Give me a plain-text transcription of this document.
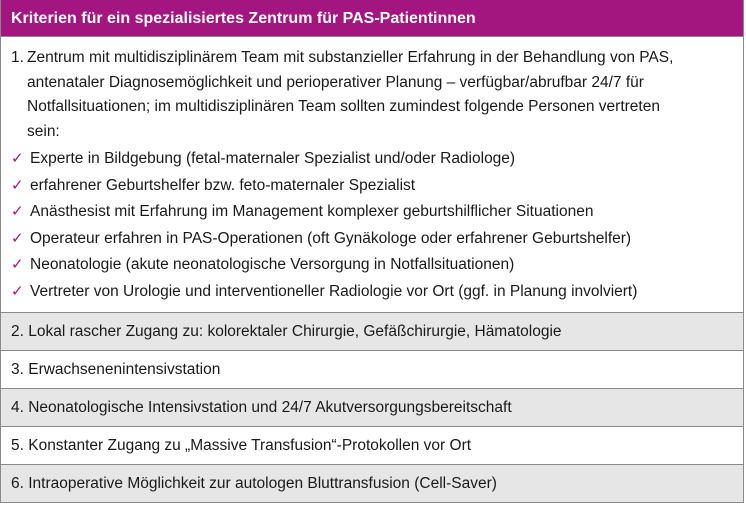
Kriterien für ein spezialisiertes Zentrum für PAS-Patientinnen
1. Zentrum mit multidisziplinärem Team mit substanzieller Erfahrung in der Behandlung von PAS,
antenataler Diagnosemöglichkeit und perioperativer Planung – verfügbar/abrufbar 24/7 für
Notfallsituationen; im multidisziplinären Team sollten zumindest folgende Personen vertreten
sein:
✓ Experte in Bildgebung (fetal-maternaler Spezialist und/oder Radiologe)
✓ erfahrener Geburtshelfer bzw. feto-maternaler Spezialist
✓ Anästhesist mit Erfahrung im Management komplexer geburtshilflicher Situationen
✓ Operateur erfahren in PAS-Operationen (oft Gynäkologe oder erfahrener Geburtshelfer)
✓ Neonatologie (akute neonatologische Versorgung in Notfallsituationen)
✓ Vertreter von Urologie und interventioneller Radiologie vor Ort (ggf. in Planung involviert)
2. Lokal rascher Zugang zu: kolorektaler Chirurgie, Gefäßchirurgie, Hämatologie
3. Erwachsenenintensivstation
4. Neonatologische Intensivstation und 24/7 Akutversorgungsbereitschaft
5. Konstanter Zugang zu „Massive Transfusion“-Protokollen vor Ort
6. Intraoperative Möglichkeit zur autologen Bluttransfusion (Cell-Saver)
